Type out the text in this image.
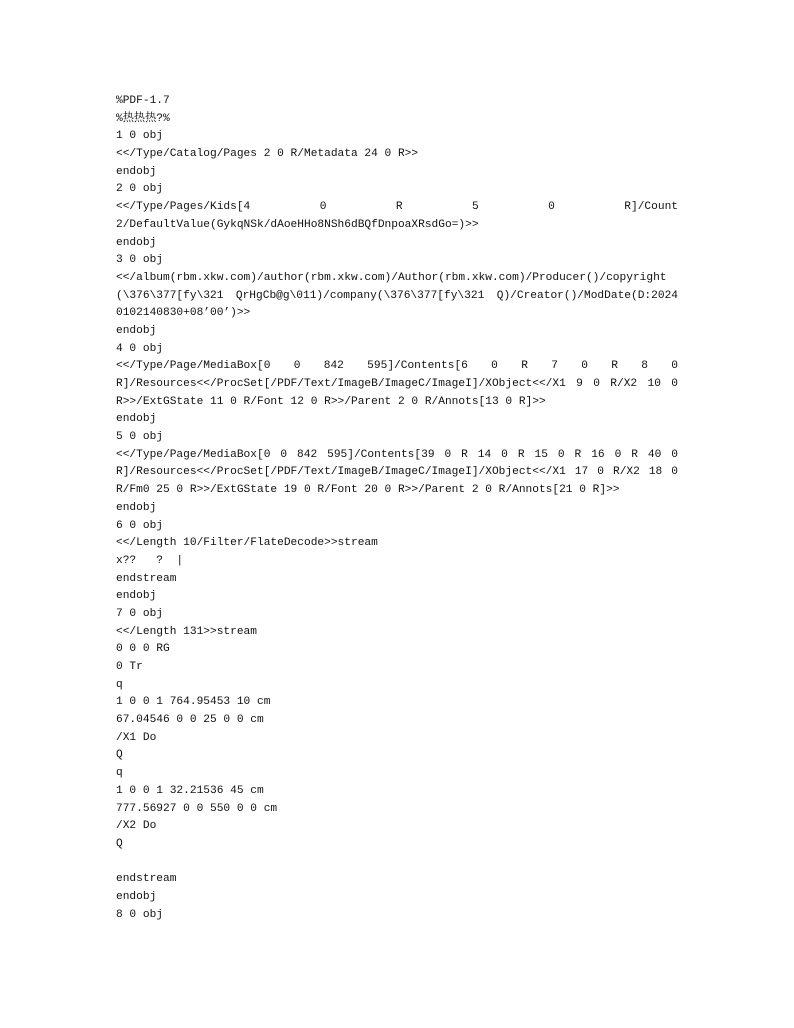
%PDF-1.7
%热热热?%
1 0 obj
<</Type/Catalog/Pages 2 0 R/Metadata 24 0 R>>
endobj
2 0 obj
<</Type/Pages/Kids[4 0 R 5 0 R]/Count
2/DefaultValue(GykqNSk/dAoeHHo8NSh6dBQfDnpoaXRsdGo=)>>
endobj
3 0 obj
<</album(rbm.xkw.com)/author(rbm.xkw.com)/Author(rbm.xkw.com)/Producer()/copyright
(\376\377[fy\321 QrHgCb@g\011)/company(\376\377[fy\321 Q)/Creator()/ModDate(D:2024
0102140830+08’00’)>>
endobj
4 0 obj
<</Type/Page/MediaBox[0 0 842 595]/Contents[6 0 R 7 0 R 8 0
R]/Resources<</ProcSet[/PDF/Text/ImageB/ImageC/ImageI]/XObject<</X1 9 0 R/X2 10 0
R>>/ExtGState 11 0 R/Font 12 0 R>>/Parent 2 0 R/Annots[13 0 R]>>
endobj
5 0 obj
<</Type/Page/MediaBox[0 0 842 595]/Contents[39 0 R 14 0 R 15 0 R 16 0 R 40 0
R]/Resources<</ProcSet[/PDF/Text/ImageB/ImageC/ImageI]/XObject<</X1 17 0 R/X2 18 0
R/Fm0 25 0 R>>/ExtGState 19 0 R/Font 20 0 R>>/Parent 2 0 R/Annots[21 0 R]>>
endobj
6 0 obj
<</Length 10/Filter/FlateDecode>>stream
x??   ?  |
endstream
endobj
7 0 obj
<</Length 131>>stream
0 0 0 RG
0 Tr
q
1 0 0 1 764.95453 10 cm
67.04546 0 0 25 0 0 cm
/X1 Do
Q
q
1 0 0 1 32.21536 45 cm
777.56927 0 0 550 0 0 cm
/X2 Do
Q
endstream
endobj
8 0 obj
